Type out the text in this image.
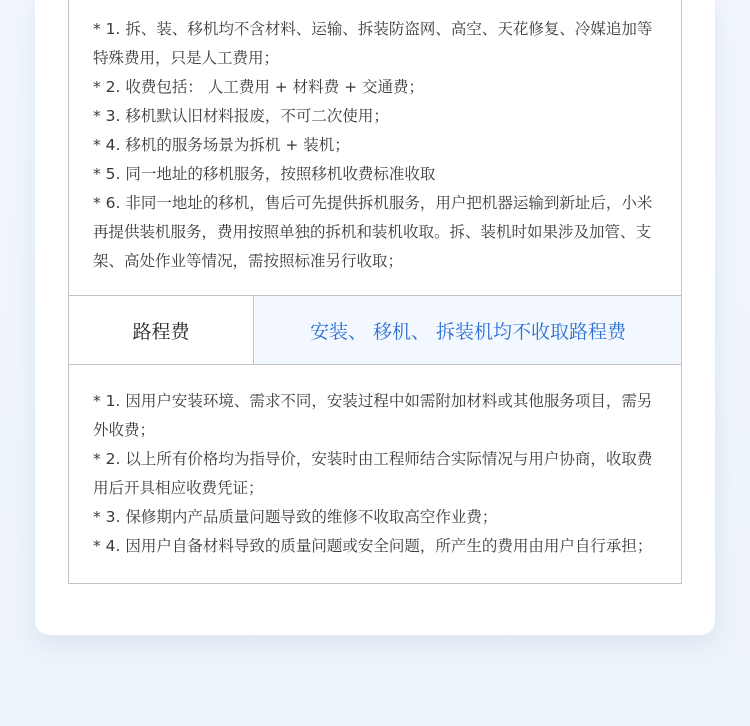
* 1. 拆、装、移机均不含材料、运输、拆装防盗网、高空、天花修复、冷媒追加等特殊费用，只是人工费用；
* 2. 收费包括： 人工费用 + 材料费 + 交通费；
* 3. 移机默认旧材料报废，不可二次使用；
* 4. 移机的服务场景为拆机 + 装机；
* 5. 同一地址的移机服务，按照移机收费标准收取
* 6. 非同一地址的移机，售后可先提供拆机服务，用户把机器运输到新址后，小米再提供装机服务，费用按照单独的拆机和装机收取。拆、装机时如果涉及加管、支架、高处作业等情况，需按照标准另行收取；
路程费	安装、 移机、 拆装机均不收取路程费
* 1. 因用户安装环境、需求不同，安装过程中如需附加材料或其他服务项目，需另外收费；
* 2. 以上所有价格均为指导价，安装时由工程师结合实际情况与用户协商，收取费用后开具相应收费凭证；
* 3. 保修期内产品质量问题导致的维修不收取高空作业费；
* 4. 因用户自备材料导致的质量问题或安全问题，所产生的费用由用户自行承担；
